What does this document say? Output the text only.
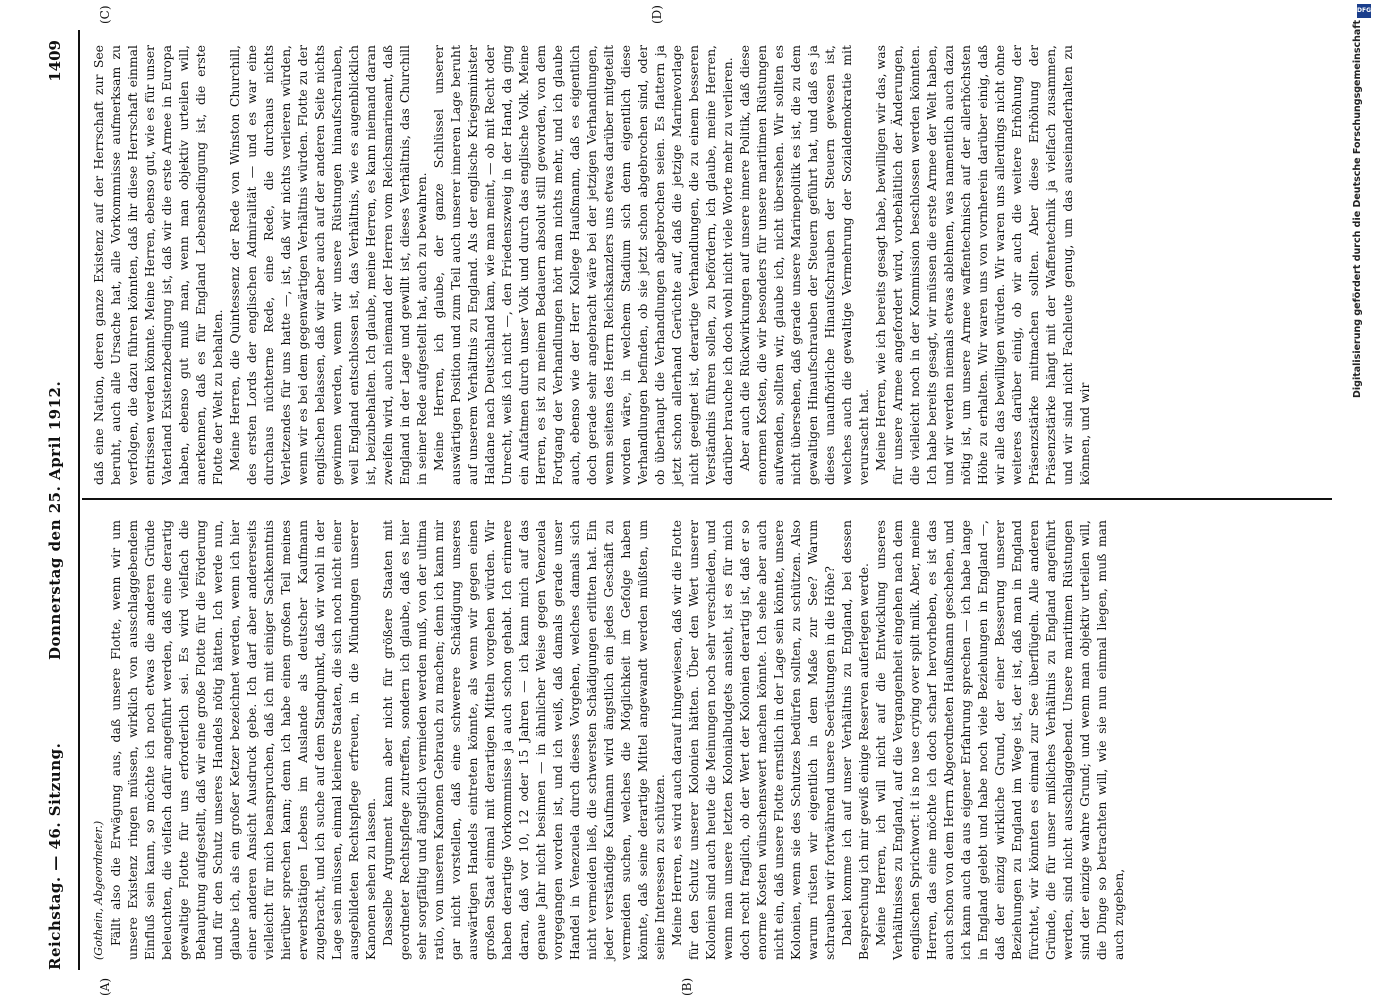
Reichstag. — 46. Sitzung.
Donnerstag den 25. April 1912.
1409
(A)	(B)
(C)	(D)
(Gothein, Abgeordneter.) Fällt also die Erwägung aus, daß unsere Flotte, wenn wir um unsere Existenz ringen müssen, wirklich von ausschlaggebendem Einfluß sein kann, so möchte ich noch etwas die anderen Gründe beleuchten, die vielfach dafür angeführt werden, daß eine derartig gewaltige Flotte für uns erforderlich sei. Es wird vielfach die Behauptung aufgestellt, daß wir eine große Flotte für die Förderung und für den Schutz unseres Handels nötig hätten. Ich werde nun, glaube ich, als ein großer Ketzer bezeichnet werden, wenn ich hier einer anderen Ansicht Ausdruck gebe. Ich darf aber andererseits vielleicht für mich beanspruchen, daß ich mit einiger Sachkenntnis hierüber sprechen kann; denn ich habe einen großen Teil meines erwerbstätigen Lebens im Auslande als deutscher Kaufmann zugebracht, und ich suche auf dem Standpunkt, daß wir wohl in der Lage sein müssen, einmal kleinere Staaten, die sich noch nicht einer ausgebildeten Rechtspflege erfreuen, in die Mündungen unserer Kanonen sehen zu lassen. Dasselbe Argument kann aber nicht für größere Staaten mit geordneter Rechtspflege zutreffen, sondern ich glaube, daß es hier sehr sorgfältig und ängstlich vermieden werden muß, von der ultima ratio, von unseren Kanonen Gebrauch zu machen; denn ich kann mir gar nicht vorstellen, daß eine schwerere Schädigung unseres auswärtigen Handels eintreten könnte, als wenn wir gegen einen großen Staat einmal mit derartigen Mitteln vorgehen würden. Wir haben derartige Vorkommnisse ja auch schon gehabt. Ich erinnere daran, daß vor 10, 12 oder 15 Jahren — ich kann mich auf das genaue Jahr nicht besinnen — in ähnlicher Weise gegen Venezuela vorgegangen worden ist, und ich weiß, daß damals gerade unser Handel in Venezuela durch dieses Vorgehen, welches damals sich nicht vermeiden ließ, die schwersten Schädigungen erlitten hat. Ein jeder verständige Kaufmann wird ängstlich ein jedes Geschäft zu vermeiden suchen, welches die Möglichkeit im Gefolge haben könnte, daß seine derartige Mittel angewandt werden müßten, um seine Interessen zu schützen. Meine Herren, es wird auch darauf hingewiesen, daß wir die Flotte für den Schutz unserer Kolonien hätten. Über den Wert unserer Kolonien sind auch heute die Meinungen noch sehr verschieden, und wenn man unsere letzten Kolonialbudgets ansieht, ist es für mich doch recht fraglich, ob der Wert der Kolonien derartig ist, daß er so enorme Kosten wünschenswert machen könnte. Ich sehe aber auch nicht ein, daß unsere Flotte ernstlich in der Lage sein könnte, unsere Kolonien, wenn sie des Schutzes bedürfen sollten, zu schützen. Also warum rüsten wir eigentlich in dem Maße zur See? Warum schrauben wir fortwährend unsere Seerüstungen in die Höhe? Dabei komme ich auf unser Verhältnis zu England, bei dessen Besprechung ich mir gewiß einige Reserven auferlegen werde. Meine Herren, ich will nicht auf die Entwicklung unseres Verhältnisses zu England, auf die Vergangenheit eingehen nach dem englischen Sprichwort: it is no use crying over spilt milk. Aber, meine Herren, das eine möchte ich doch scharf hervorheben, es ist das auch schon von dem Herrn Abgeordneten Haußmann geschehen, und ich kann auch da aus eigener Erfahrung sprechen — ich habe lange in England gelebt und habe noch viele Beziehungen in England —, daß der einzig wirkliche Grund, der einer Besserung unserer Beziehungen zu England im Wege ist, der ist, daß man in England fürchtet, wir könnten es einmal zur See überflügeln. Alle anderen Gründe, die für unser mißliches Verhältnis zu England angeführt werden, sind nicht ausschlaggebend. Unsere maritimen Rüstungen sind der einzige wahre Grund; und wenn man objektiv urteilen will, die Dinge so betrachten will, wie sie nun einmal liegen, muß man auch zugeben,

daß eine Nation, deren ganze Existenz auf der Herrschaft zur See beruht, auch alle Ursache hat, alle Vorkommnisse aufmerksam zu verfolgen, die dazu führen könnten, daß ihr diese Herrschaft einmal entrissen werden könnte. Meine Herren, ebenso gut, wie es für unser Vaterland Existenzbedingung ist, daß wir die erste Armee in Europa haben, ebenso gut muß man, wenn man objektiv urteilen will, anerkennen, daß es für England Lebensbedingung ist, die erste Flotte der Welt zu behalten. Meine Herren, die Quintessenz der Rede von Winston Churchill, des ersten Lords der englischen Admiralität — und es war eine durchaus nüchterne Rede, eine Rede, die durchaus nichts Verletzendes für uns hatte —, ist, daß wir nichts verlieren würden, wenn wir es bei dem gegenwärtigen Verhältnis würden. Flotte zu der englischen belassen, daß wir aber auch auf der anderen Seite nichts gewinnen werden, wenn wir unsere Rüstungen hinaufschrauben, weil England entschlossen ist, das Verhältnis, wie es augenblicklich ist, beizubehalten. Ich glaube, meine Herren, es kann niemand daran zweifeln wird, auch niemand der Herren vom Reichsmarineamt, daß England in der Lage und gewillt ist, dieses Verhältnis, das Churchill in seiner Rede aufgestellt hat, auch zu bewahren. Meine Herren, ich glaube, der ganze Schlüssel unserer auswärtigen Position und zum Teil auch unserer inneren Lage beruht auf unserem Verhältnis zu England. Als der englische Kriegsminister Haldane nach Deutschland kam, wie man meint, — ob mit Recht oder Unrecht, weiß ich nicht —, den Friedenszweig in der Hand, da ging ein Aufatmen durch unser Volk und durch das englische Volk. Meine Herren, es ist zu meinem Bedauern absolut still geworden, von dem Fortgang der Verhandlungen hört man nichts mehr, und ich glaube auch, ebenso wie der Herr Kollege Haußmann, daß es eigentlich doch gerade sehr angebracht wäre bei der jetzigen Verhandlungen, wenn seitens des Herrn Reichskanzlers uns etwas darüber mitgeteilt worden wäre, in welchem Stadium sich denn eigentlich diese Verhandlungen befinden, ob sie jetzt schon abgebrochen sind, oder ob überhaupt die Verhandlungen abgebrochen seien. Es flattern ja jetzt schon allerhand Gerüchte auf, daß die jetzige Marinevorlage nicht geeignet ist, derartige Verhandlungen, die zu einem besseren Verständnis führen sollen, zu befördern, ich glaube, meine Herren, darüber brauche ich doch wohl nicht viele Worte mehr zu verlieren. Aber auch die Rückwirkungen auf unsere innere Politik, daß diese enormen Kosten, die wir besonders für unsere maritimen Rüstungen aufwenden, sollten wir, glaube ich, nicht übersehen. Wir sollten es nicht übersehen, daß gerade unsere Marinepolitik es ist, die zu dem gewaltigen Hinaufschrauben der Steuern geführt hat, und daß es ja dieses unaufhörliche Hinaufschrauben der Steuern gewesen ist, welches auch die gewaltige Vermehrung der Sozialdemokratie mit verursacht hat. Meine Herren, wie ich bereits gesagt habe, bewilligen wir das, was für unsere Armee angefordert wird, vorbehältlich der Änderungen, die vielleicht noch in der Kommission beschlossen werden könnten. Ich habe bereits gesagt, wir müssen die erste Armee der Welt haben, und wir werden niemals etwas ablehnen, was namentlich auch dazu nötig ist, um unsere Armee waffentechnisch auf der allerhöchsten Höhe zu erhalten. Wir waren uns von vornherein darüber einig, daß wir alle das bewilligen würden. Wir waren uns allerdings nicht ohne weiteres darüber einig, ob wir auch die weitere Erhöhung der Präsenzstärke mitmachen sollten. Aber diese Erhöhung der Präsenzstärke hängt mit der Waffentechnik ja vielfach zusammen, und wir sind nicht Fachleute genug, um das auseinanderhalten zu können, und wir

DFG
Digitalisierung gefördert durch die Deutsche Forschungsgemeinschaft
